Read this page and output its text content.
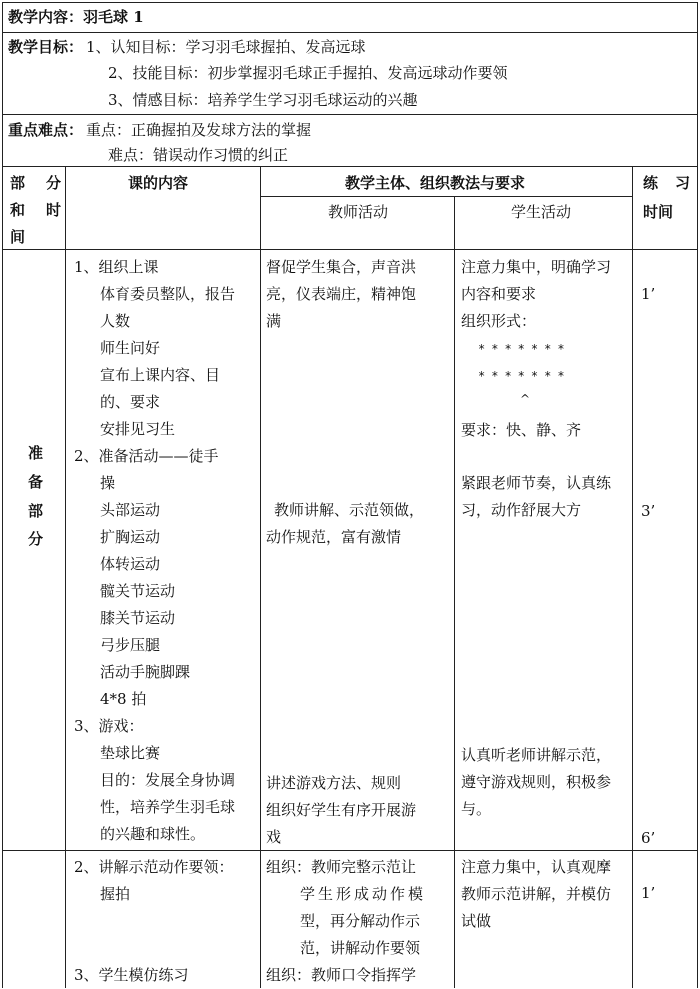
教学内容：羽毛球 1
教学目标： 1、认知目标：学习羽毛球握拍、发高远球
2、技能目标：初步掌握羽毛球正手握拍、发高远球动作要领
3、情感目标：培养学生学习羽毛球运动的兴趣
重点难点： 重点：正确握拍及发球方法的掌握
难点：错误动作习惯的纠正
部 分
和 时
间
课的内容	教学主体、组织教法与要求
教师活动	学生活动
练 习
时间
准
备
部
分
1、组织上课
体育委员整队，报告
人数
师生问好
宣布上课内容、目
的、要求
安排见习生
2、准备活动——徒手
操
头部运动
扩胸运动
体转运动
髋关节运动
膝关节运动
弓步压腿
活动手腕脚踝
4*8 拍
3、游戏：
垫球比赛
目的：发展全身协调
性，培养学生羽毛球
的兴趣和球性。
督促学生集合，声音洪
亮，仪表端庄，精神饱
满
教师讲解、示范领做，
动作规范，富有激情
讲述游戏方法、规则
组织好学生有序开展游
戏
注意力集中，明确学习
内容和要求
组织形式：
*******
*******
^
要求：快、静、齐
紧跟老师节奏，认真练
习，动作舒展大方
认真听老师讲解示范，
遵守游戏规则，积极参
与。
1’
3’
6’
2、讲解示范动作要领：
握拍
3、学生模仿练习
组织：教师完整示范让
学生形成动作模
型，再分解动作示
范，讲解动作要领
组织：教师口令指挥学
注意力集中，认真观摩
教师示范讲解，并模仿
试做
1’
